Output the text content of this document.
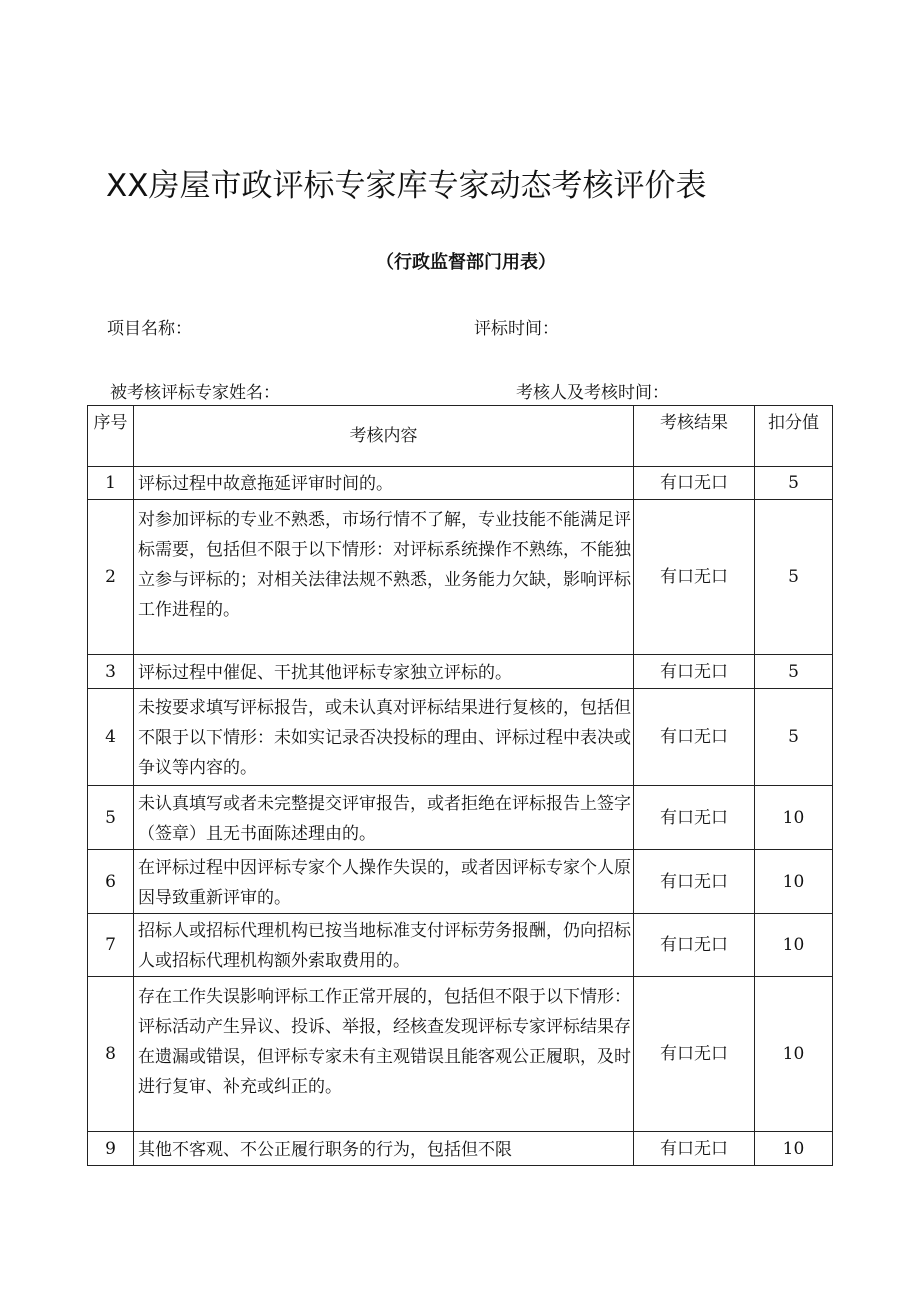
XX房屋市政评标专家库专家动态考核评价表
（行政监督部门用表）
项目名称：	评标时间：
被考核评标专家姓名：	考核人及考核时间：
序号	考核内容	考核结果	扣分值
1	评标过程中故意拖延评审时间的。	有口无口	5
2	对参加评标的专业不熟悉，市场行情不了解，专业技能不能满足评标需要，包括但不限于以下情形：对评标系统操作不熟练，不能独立参与评标的；对相关法律法规不熟悉，业务能力欠缺，影响评标工作进程的。	有口无口	5
3	评标过程中催促、干扰其他评标专家独立评标的。	有口无口	5
4	未按要求填写评标报告，或未认真对评标结果进行复核的，包括但不限于以下情形：未如实记录否决投标的理由、评标过程中表决或争议等内容的。	有口无口	5
5	未认真填写或者未完整提交评审报告，或者拒绝在评标报告上签字（签章）且无书面陈述理由的。	有口无口	10
6	在评标过程中因评标专家个人操作失误的，或者因评标专家个人原因导致重新评审的。	有口无口	10
7	招标人或招标代理机构已按当地标准支付评标劳务报酬，仍向招标人或招标代理机构额外索取费用的。	有口无口	10
8	存在工作失误影响评标工作正常开展的，包括但不限于以下情形：评标活动产生异议、投诉、举报，经核查发现评标专家评标结果存在遗漏或错误，但评标专家未有主观错误且能客观公正履职，及时进行复审、补充或纠正的。	有口无口	10
9	其他不客观、不公正履行职务的行为，包括但不限	有口无口	10
